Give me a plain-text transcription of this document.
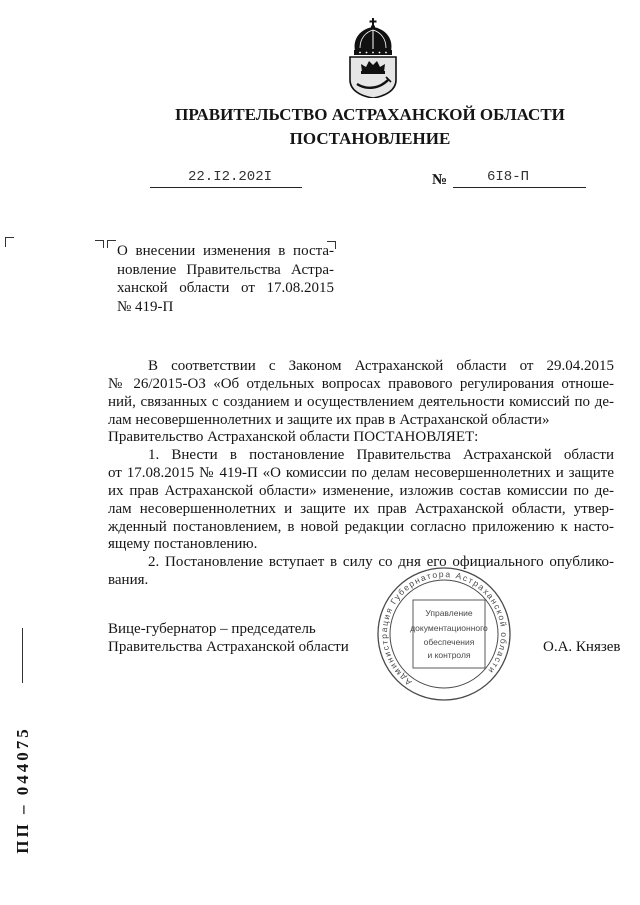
ПРАВИТЕЛЬСТВО АСТРАХАНСКОЙ ОБЛАСТИ
ПОСТАНОВЛЕНИЕ
22.I2.202I	№	6I8-П
О внесении изменения в поста-
новление Правительства Астра-
ханской области от 17.08.2015
№ 419-П
В соответствии с Законом Астраханской области от 29.04.2015
№ 26/2015-ОЗ «Об отдельных вопросах правового регулирования отноше-
ний, связанных с созданием и осуществлением деятельности комиссий по де-
лам несовершеннолетних и защите их прав в Астраханской области»
Правительство Астраханской области ПОСТАНОВЛЯЕТ:
1. Внести в постановление Правительства Астраханской области
от 17.08.2015 № 419-П «О комиссии по делам несовершеннолетних и защите
их прав Астраханской области» изменение, изложив состав комиссии по де-
лам несовершеннолетних и защите их прав Астраханской области, утвер-
жденный постановлением, в новой редакции согласно приложению к насто-
ящему постановлению.
2. Постановление вступает в силу со дня его официального опублико-
вания.
Вице-губернатор – председатель
Правительства Астраханской области	О.А. Князев
Администрация Губернатора Астраханской области
Управление
документационного
обеспечения
и контроля
ПП – 044075
